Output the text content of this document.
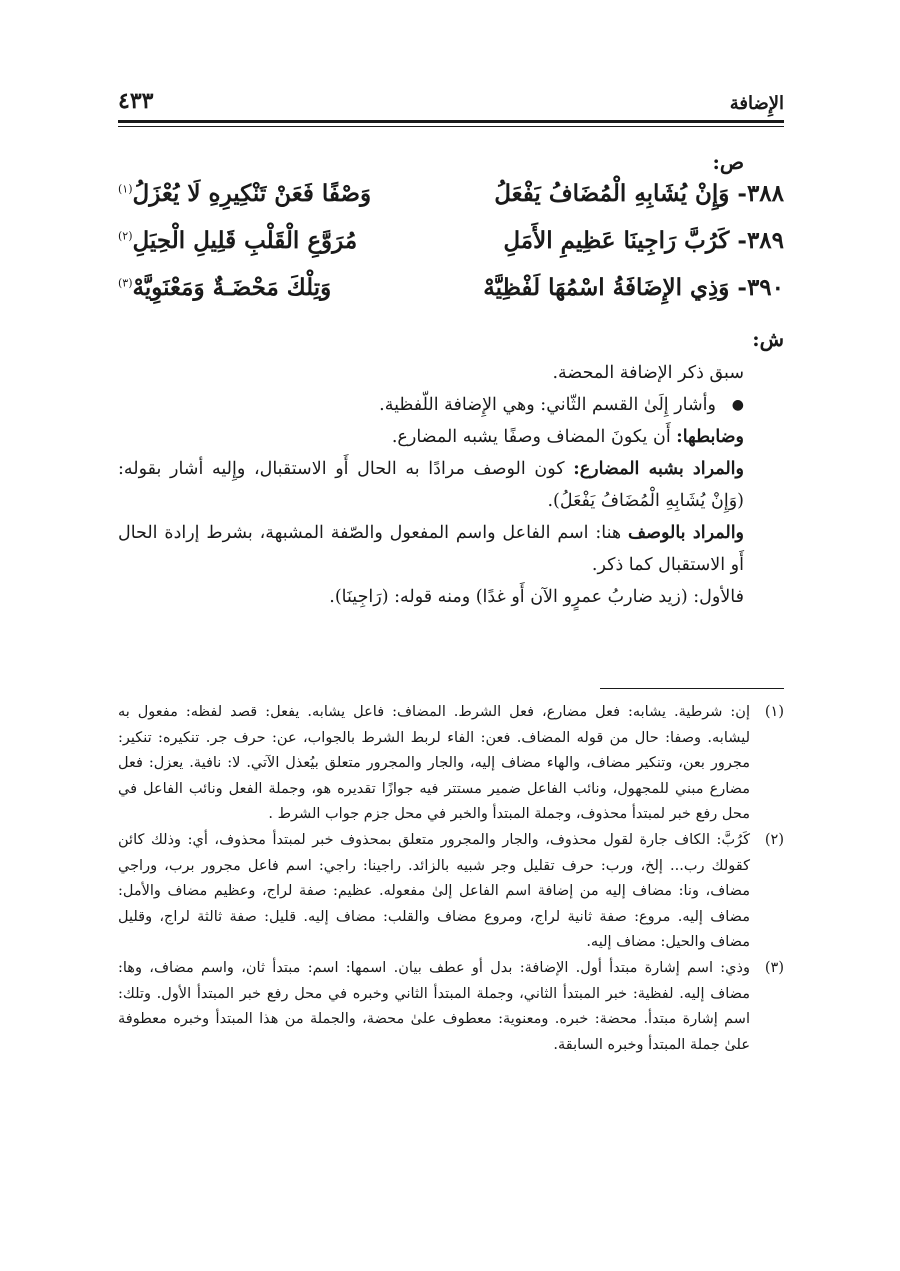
الإِضافة
٤٣٣
ص:
٣٨٨-
وَإِنْ يُشَابِهِ الْمُضَافُ يَفْعَلُ
وَصْفًا فَعَنْ تَنْكِيرِهِ لَا يُعْزَلُ$^{(١)}$
٣٨٩-
كَرُبَّ رَاجِينَا عَظِيمِ الأَمَلِ
مُرَوَّعِ الْقَلْبِ قَلِيلِ الْحِيَلِ$^{(٢)}$
٣٩٠-
وَذِي الإِضَافَةُ اسْمُهَا لَفْظِيَّهْ
وَتِلْكَ مَحْضَـةٌ وَمَعْنَوِيَّهْ$^{(٣)}$
ش:
سبق ذكر الإضافة المحضة.
●
وأشار إِلَىٰ القسم الثّاني: وهي الإِضافة اللّفظية.
وضابطها: أَن يكونَ المضاف وصفًا يشبه المضارع.
والمراد بشبه المضارع: كون الوصف مرادًا به الحال أَو الاستقبال، وإِليه أشار بقوله: (وَإِنْ يُشَابِهِ الْمُضَافُ يَفْعَلُ).
والمراد بالوصف هنا: اسم الفاعل واسم المفعول والصّفة المشبهة، بشرط إرادة الحال أَو الاستقبال كما ذكر.
فالأول: (زيد ضاربُ عمرٍو الآن أَو غدًا) ومنه قوله: (رَاجِينَا).
(١)
إن: شرطية. يشابه: فعل مضارع، فعل الشرط. المضاف: فاعل يشابه. يفعل: قصد لفظه: مفعول به ليشابه. وصفا: حال من قوله المضاف. فعن: الفاء لربط الشرط بالجواب، عن: حرف جر. تنكيره: تنكير: مجرور بعن، وتنكير مضاف، والهاء مضاف إليه، والجار والمجرور متعلق بيُعذل الآتي. لا: نافية. يعزل: فعل مضارع مبني للمجهول، ونائب الفاعل ضمير مستتر فيه جوازًا تقديره هو، وجملة الفعل ونائب الفاعل في محل رفع خبر لمبتدأ محذوف، وجملة المبتدأ والخبر في محل جزم جواب الشرط .
(٢)
كَرُبَّ: الكاف جارة لقول محذوف، والجار والمجرور متعلق بمحذوف خبر لمبتدأ محذوف، أي: وذلك كائن كقولك رب... إلخ، ورب: حرف تقليل وجر شبيه بالزائد. راجينا: راجي: اسم فاعل مجرور برب، وراجي مضاف، ونا: مضاف إليه من إضافة اسم الفاعل إلىٰ مفعوله. عظيم: صفة لراج، وعظيم مضاف والأمل: مضاف إليه. مروع: صفة ثانية لراج، ومروع مضاف والقلب: مضاف إليه. قليل: صفة ثالثة لراج، وقليل مضاف والحيل: مضاف إليه.
(٣)
وذي: اسم إشارة مبتدأ أول. الإضافة: بدل أو عطف بيان. اسمها: اسم: مبتدأ ثان، واسم مضاف، وها: مضاف إليه. لفظية: خبر المبتدأ الثاني، وجملة المبتدأ الثاني وخبره في محل رفع خبر المبتدأ الأول. وتلك: اسم إشارة مبتدأ. محضة: خبره. ومعنوية: معطوف علىٰ محضة، والجملة من هذا المبتدأ وخبره معطوفة علىٰ جملة المبتدأ وخبره السابقة.
